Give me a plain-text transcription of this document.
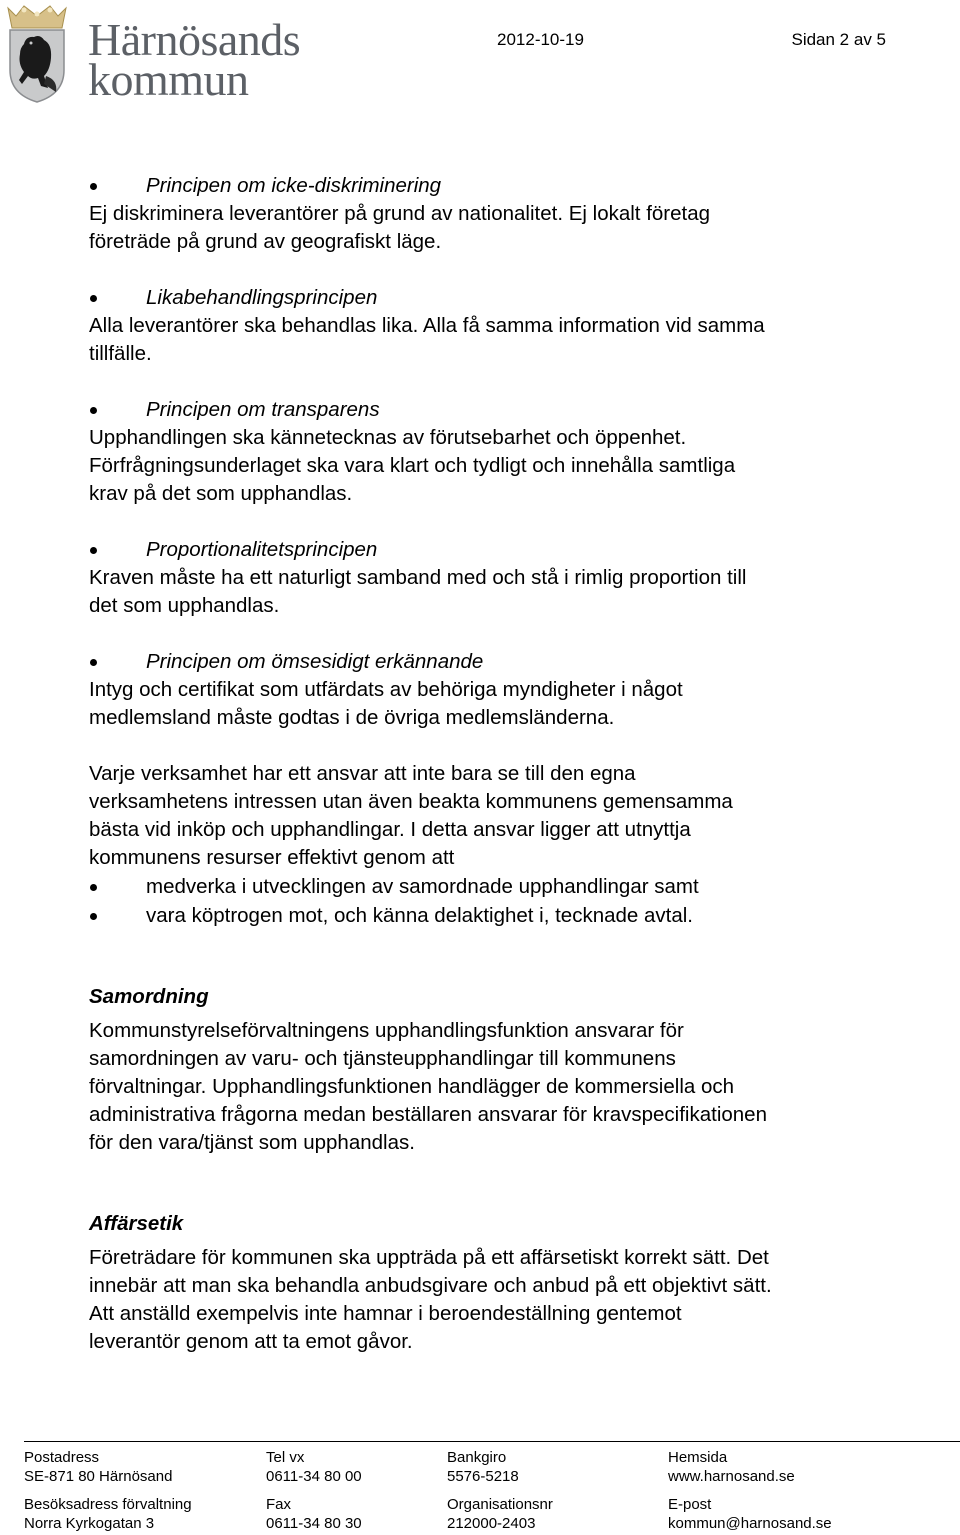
Härnösands
kommun
2012-10-19	Sidan 2 av 5
Principen om icke-diskriminering
Ej diskriminera leverantörer på grund av nationalitet. Ej lokalt företag
företräde på grund av geografiskt läge.
Likabehandlingsprincipen
Alla leverantörer ska behandlas lika. Alla få samma information vid samma
tillfälle.
Principen om transparens
Upphandlingen ska kännetecknas av förutsebarhet och öppenhet.
Förfrågningsunderlaget ska vara klart och tydligt och innehålla samtliga
krav på det som upphandlas.
Proportionalitetsprincipen
Kraven måste ha ett naturligt samband med och stå i rimlig proportion till
det som upphandlas.
Principen om ömsesidigt erkännande
Intyg och certifikat som utfärdats av behöriga myndigheter i något
medlemsland måste godtas i de övriga medlemsländerna.
Varje verksamhet har ett ansvar att inte bara se till den egna
verksamhetens intressen utan även beakta kommunens gemensamma
bästa vid inköp och upphandlingar. I detta ansvar ligger att utnyttja
kommunens resurser effektivt genom att
medverka i utvecklingen av samordnade upphandlingar samt
vara köptrogen mot, och känna delaktighet i, tecknade avtal.
Samordning
Kommunstyrelseförvaltningens upphandlingsfunktion ansvarar för
samordningen av varu- och tjänsteupphandlingar till kommunens
förvaltningar. Upphandlingsfunktionen handlägger de kommersiella och
administrativa frågorna medan beställaren ansvarar för kravspecifikationen
för den vara/tjänst som upphandlas.
Affärsetik
Företrädare för kommunen ska uppträda på ett affärsetiskt korrekt sätt. Det
innebär att man ska behandla anbudsgivare och anbud på ett objektivt sätt.
Att anställd exempelvis inte hamnar i beroendeställning gentemot
leverantör genom att ta emot gåvor.
Postadress
SE-871 80 Härnösand
Besöksadress förvaltning
Norra Kyrkogatan 3
Tel vx
0611-34 80 00
Fax
0611-34 80 30
Bankgiro
5576-5218
Organisationsnr
212000-2403
Hemsida
www.harnosand.se
E-post
kommun@harnosand.se
